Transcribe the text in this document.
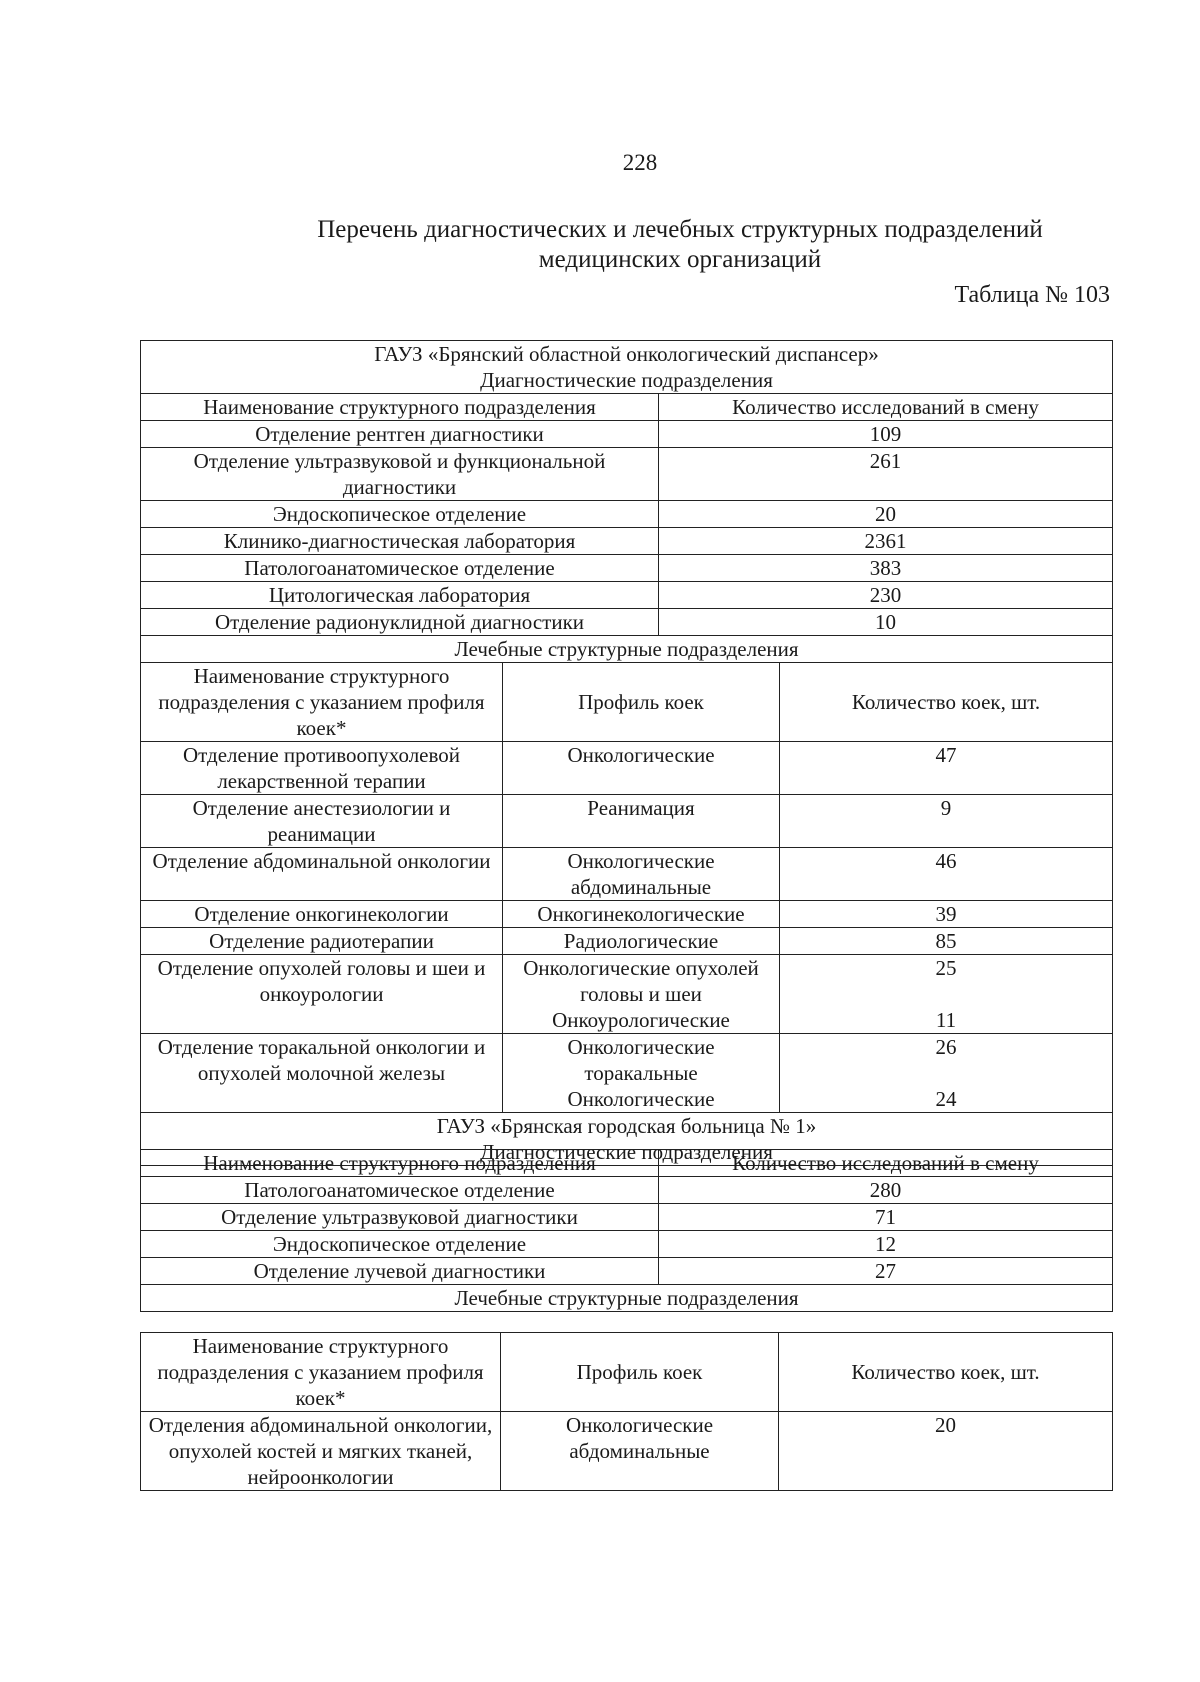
228
Перечень диагностических и лечебных структурных подразделений
медицинских организаций
Таблица № 103
ГАУЗ «Брянский областной онкологический диспансер»
Диагностические подразделения			

Наименование структурного подразделения		Количество исследований в смену	
Отделение рентген диагностики		109	
Отделение ультразвуковой и функциональной диагностики		261	
Эндоскопическое отделение		20	
Клинико-диагностическая лаборатория		2361	
Патологоанатомическое отделение		383	
Цитологическая лаборатория		230	
Отделение радионуклидной диагностики		10	
Лечебные структурные подразделения			
Наименование структурного подразделения с указанием профиля коек*	Профиль коек		Количество коек, шт.
Отделение противоопухолевой лекарственной терапии	Онкологические		47
Отделение анестезиологии и реанимации	Реанимация		9
Отделение абдоминальной онкологии	Онкологические абдоминальные		46
Отделение онкогинекологии	Онкогинекологические		39
Отделение радиотерапии	Радиологические		85
Отделение опухолей головы и шеи и онкоурологии	Онкологические опухолей головы и шеи		25
	Онкоурологические		11
Отделение торакальной онкологии и опухолей молочной железы	Онкологические торакальные		26
	Онкологические		24

ГАУЗ «Брянская городская больница № 1»
Диагностические подразделения			
Наименование структурного подразделения	Количество исследований в смену
Патологоанатомическое отделение	280
Отделение ультразвуковой диагностики	71
Эндоскопическое отделение	12
Отделение лучевой диагностики	27
Лечебные структурные подразделения	
Наименование структурного подразделения с указанием профиля коек*	Профиль коек	Количество коек, шт.
Отделения абдоминальной онкологии, опухолей костей и мягких тканей, нейроонкологии	Онкологические абдоминальные	20
